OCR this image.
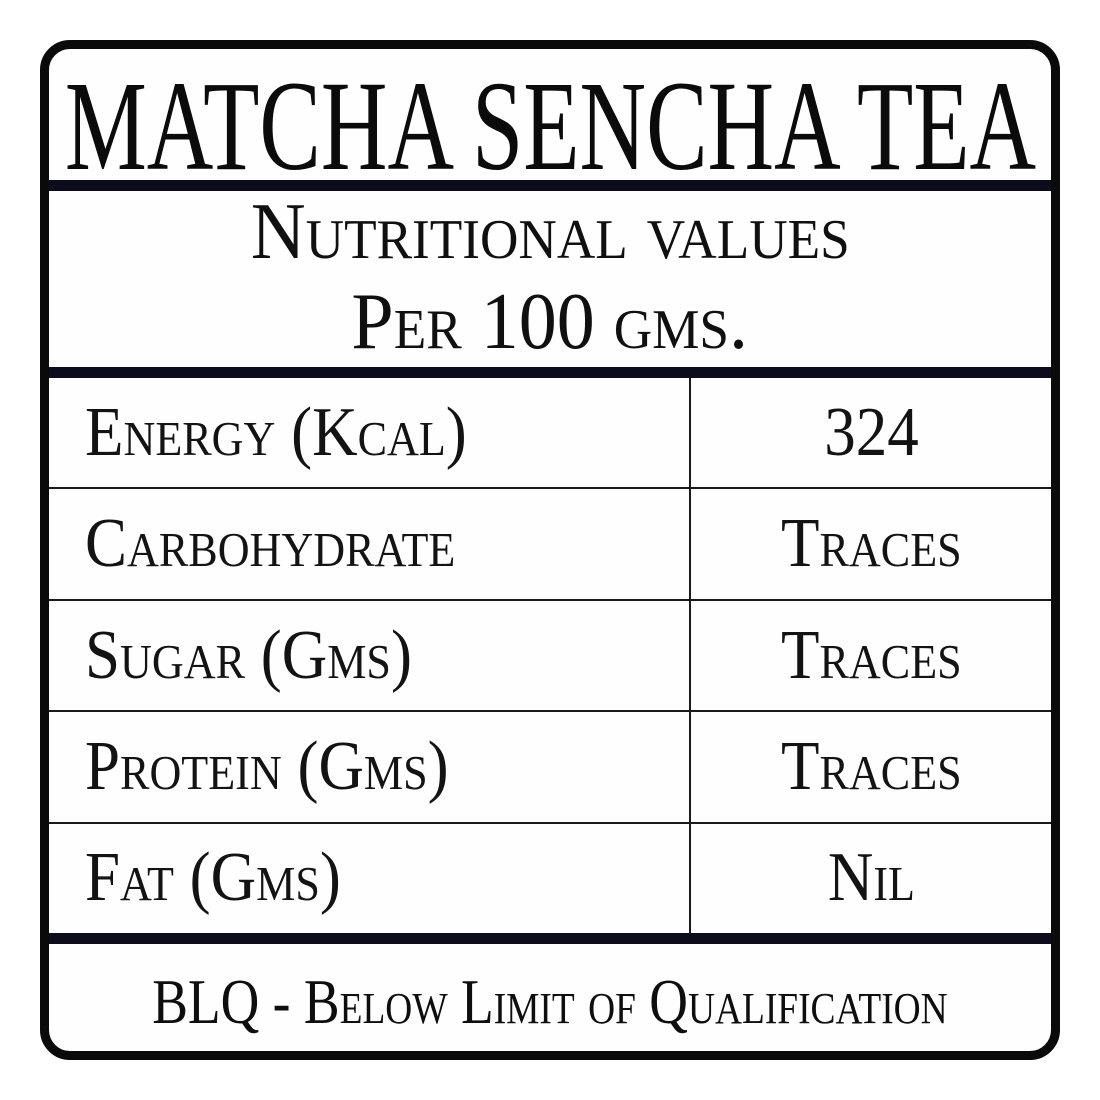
MATCHA SENCHA TEA
Nutritional values
Per 100 gms.
Energy (Kcal)	324
Carbohydrate	Traces
Sugar (Gms)	Traces
Protein (Gms)	Traces
Fat (Gms)	Nil
BLQ - Below Limit of Qualification
